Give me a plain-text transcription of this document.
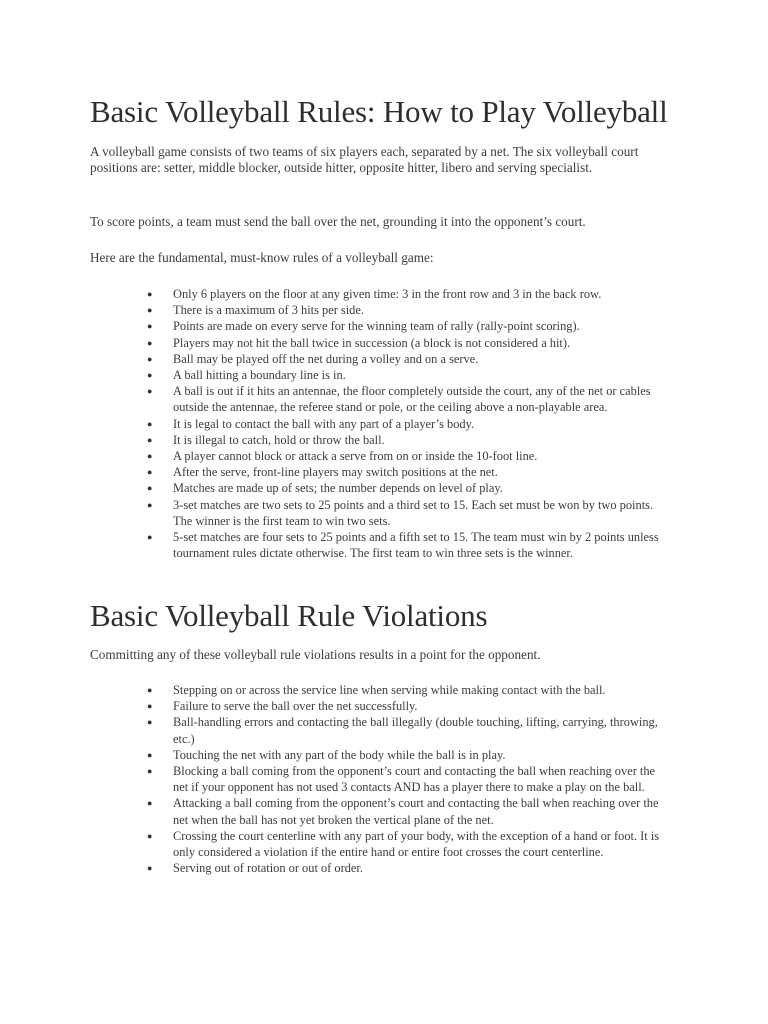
Basic Volleyball Rules: How to Play Volleyball

A volleyball game consists of two teams of six players each, separated by a net. The six volleyball court positions are: setter, middle blocker, outside hitter, opposite hitter, libero and serving specialist.

To score points, a team must send the ball over the net, grounding it into the opponent’s court.

Here are the fundamental, must-know rules of a volleyball game:

● Only 6 players on the floor at any given time: 3 in the front row and 3 in the back row.
● There is a maximum of 3 hits per side.
● Points are made on every serve for the winning team of rally (rally-point scoring).
● Players may not hit the ball twice in succession (a block is not considered a hit).
● Ball may be played off the net during a volley and on a serve.
● A ball hitting a boundary line is in.
● A ball is out if it hits an antennae, the floor completely outside the court, any of the net or cables outside the antennae, the referee stand or pole, or the ceiling above a non-playable area.
● It is legal to contact the ball with any part of a player’s body.
● It is illegal to catch, hold or throw the ball.
● A player cannot block or attack a serve from on or inside the 10-foot line.
● After the serve, front-line players may switch positions at the net.
● Matches are made up of sets; the number depends on level of play.
● 3-set matches are two sets to 25 points and a third set to 15. Each set must be won by two points. The winner is the first team to win two sets.
● 5-set matches are four sets to 25 points and a fifth set to 15. The team must win by 2 points unless tournament rules dictate otherwise. The first team to win three sets is the winner.
Basic Volleyball Rule Violations

Committing any of these volleyball rule violations results in a point for the opponent.

● Stepping on or across the service line when serving while making contact with the ball.
● Failure to serve the ball over the net successfully.
● Ball-handling errors and contacting the ball illegally (double touching, lifting, carrying, throwing, etc.)
● Touching the net with any part of the body while the ball is in play.
● Blocking a ball coming from the opponent’s court and contacting the ball when reaching over the net if your opponent has not used 3 contacts AND has a player there to make a play on the ball.
● Attacking a ball coming from the opponent’s court and contacting the ball when reaching over the net when the ball has not yet broken the vertical plane of the net.
● Crossing the court centerline with any part of your body, with the exception of a hand or foot. It is only considered a violation if the entire hand or entire foot crosses the court centerline.
● Serving out of rotation or out of order.
